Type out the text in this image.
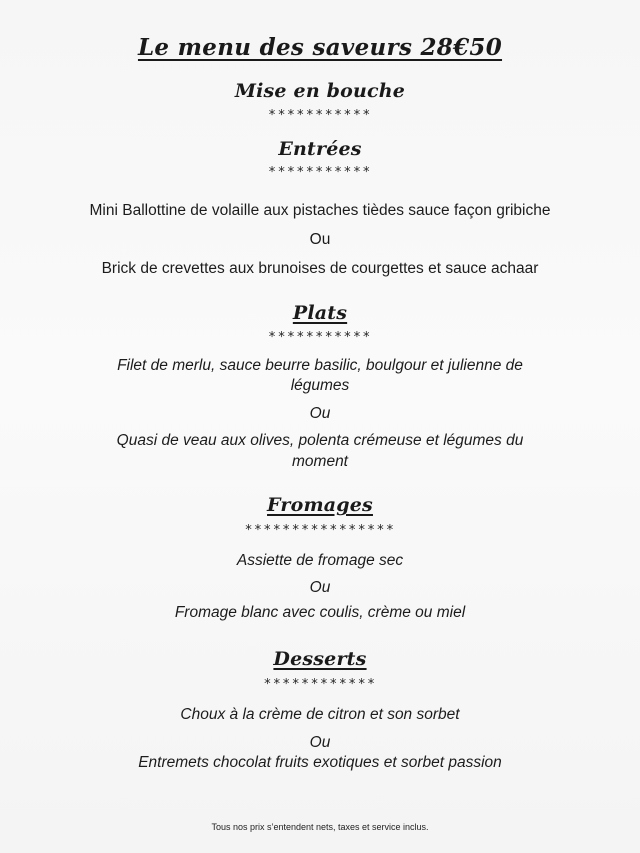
Le menu des saveurs 28€50
Mise en bouche
***********
Entrées
***********
Mini Ballottine de volaille aux pistaches tièdes sauce façon gribiche
Ou
Brick de crevettes aux brunoises de courgettes et sauce achaar
Plats
***********
Filet de merlu, sauce beurre basilic, boulgour et julienne de
légumes
Ou
Quasi de veau aux olives, polenta crémeuse et légumes du
moment
Fromages
****************
Assiette de fromage sec
Ou
Fromage blanc avec coulis, crème ou miel
Desserts
************
Choux à la crème de citron et son sorbet
Ou
Entremets chocolat fruits exotiques et sorbet passion
Tous nos prix s’entendent nets, taxes et service inclus.
